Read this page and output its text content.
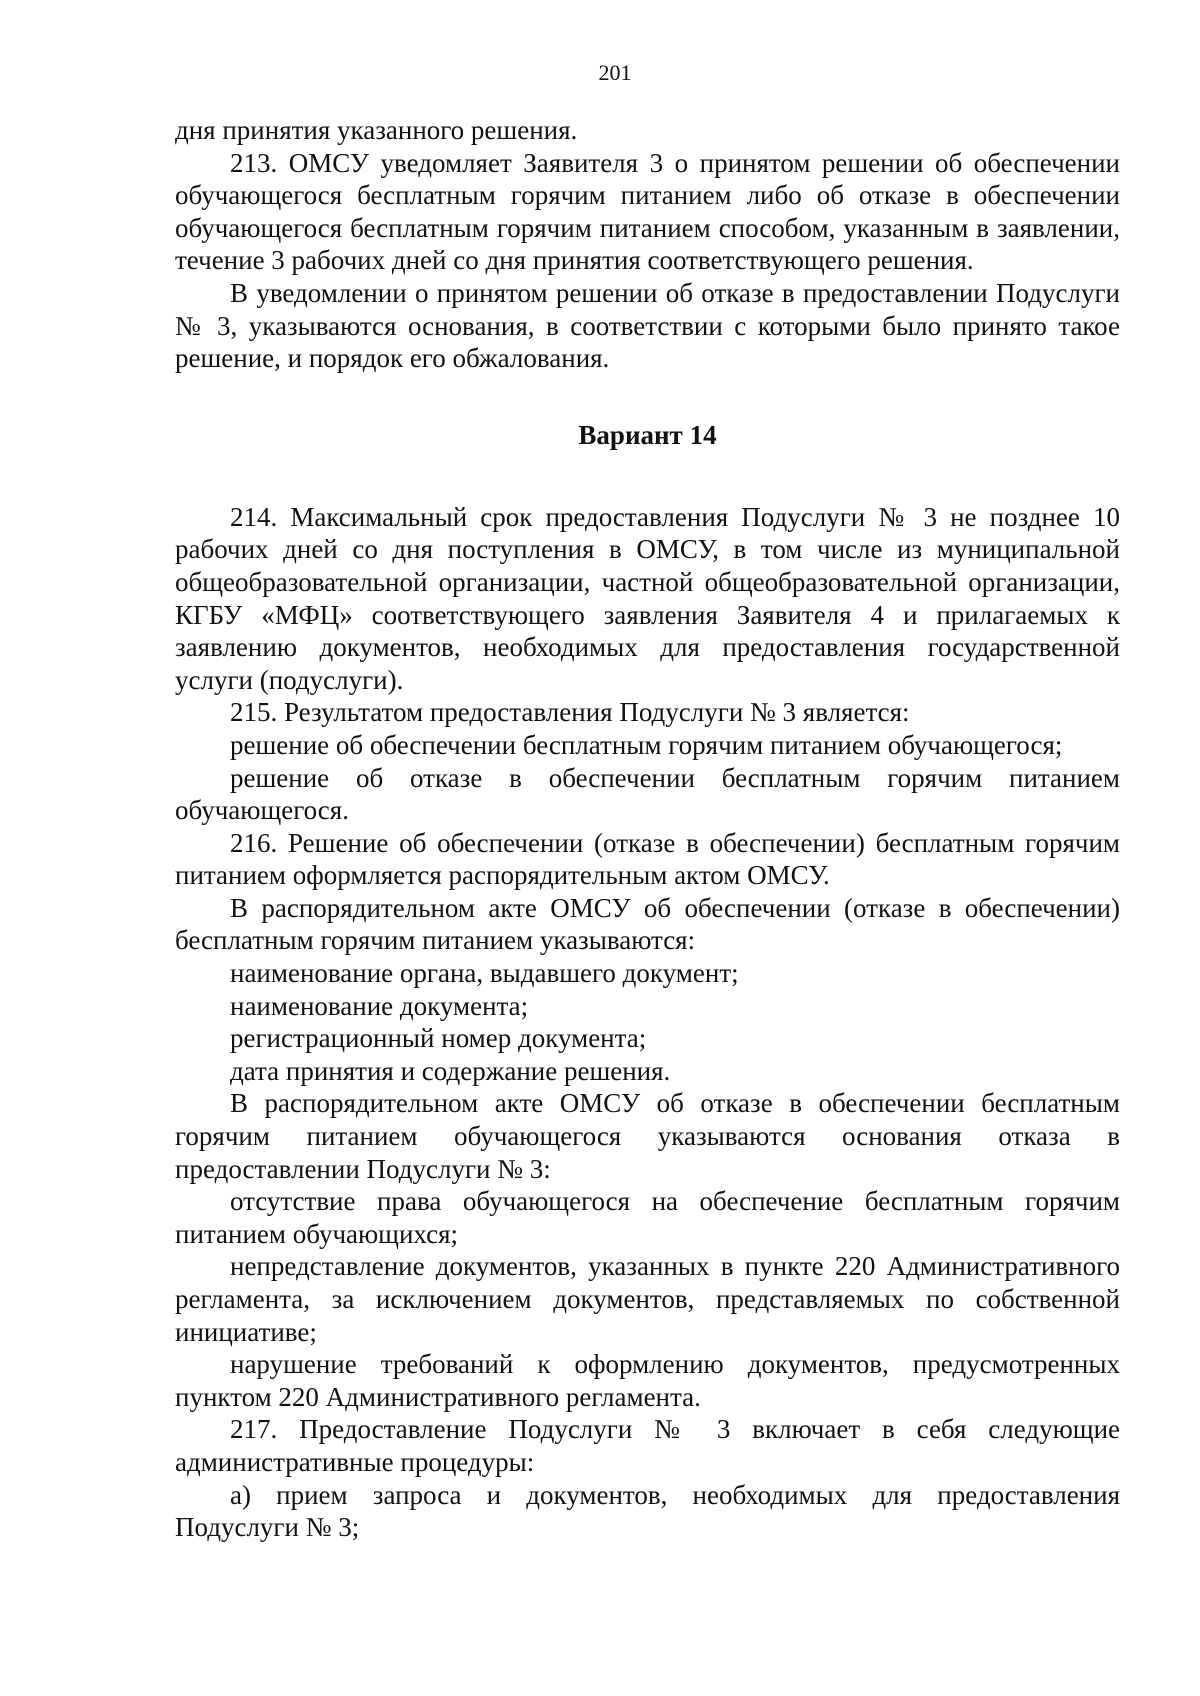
201

дня принятия указанного решения.

213. ОМСУ уведомляет Заявителя 3 о принятом решении об обеспечении обучающегося бесплатным горячим питанием либо об отказе в обеспечении обучающегося бесплатным горячим питанием способом, указанным в заявлении, течение 3 рабочих дней со дня принятия соответствующего решения.

В уведомлении о принятом решении об отказе в предоставлении Подуслуги № 3, указываются основания, в соответствии с которыми было принято такое решение, и порядок его обжалования.

Вариант 14

214. Максимальный срок предоставления Подуслуги № 3 не позднее 10 рабочих дней со дня поступления в ОМСУ, в том числе из муниципальной общеобразовательной организации, частной общеобразовательной организации, КГБУ «МФЦ» соответствующего заявления Заявителя 4 и прилагаемых к заявлению документов, необходимых для предоставления государственной услуги (подуслуги).

215. Результатом предоставления Подуслуги № 3 является:

решение об обеспечении бесплатным горячим питанием обучающегося;

решение об отказе в обеспечении бесплатным горячим питанием обучающегося.

216. Решение об обеспечении (отказе в обеспечении) бесплатным горячим питанием оформляется распорядительным актом ОМСУ.

В распорядительном акте ОМСУ об обеспечении (отказе в обеспечении) бесплатным горячим питанием указываются:

наименование органа, выдавшего документ;

наименование документа;

регистрационный номер документа;

дата принятия и содержание решения.

В распорядительном акте ОМСУ об отказе в обеспечении бесплатным горячим питанием обучающегося указываются основания отказа в предоставлении Подуслуги № 3:

отсутствие права обучающегося на обеспечение бесплатным горячим питанием обучающихся;

непредставление документов, указанных в пункте 220 Административного регламента, за исключением документов, представляемых по собственной инициативе;

нарушение требований к оформлению документов, предусмотренных пунктом 220 Административного регламента.

217. Предоставление Подуслуги № 3 включает в себя следующие административные процедуры:

а) прием запроса и документов, необходимых для предоставления Подуслуги № 3;
